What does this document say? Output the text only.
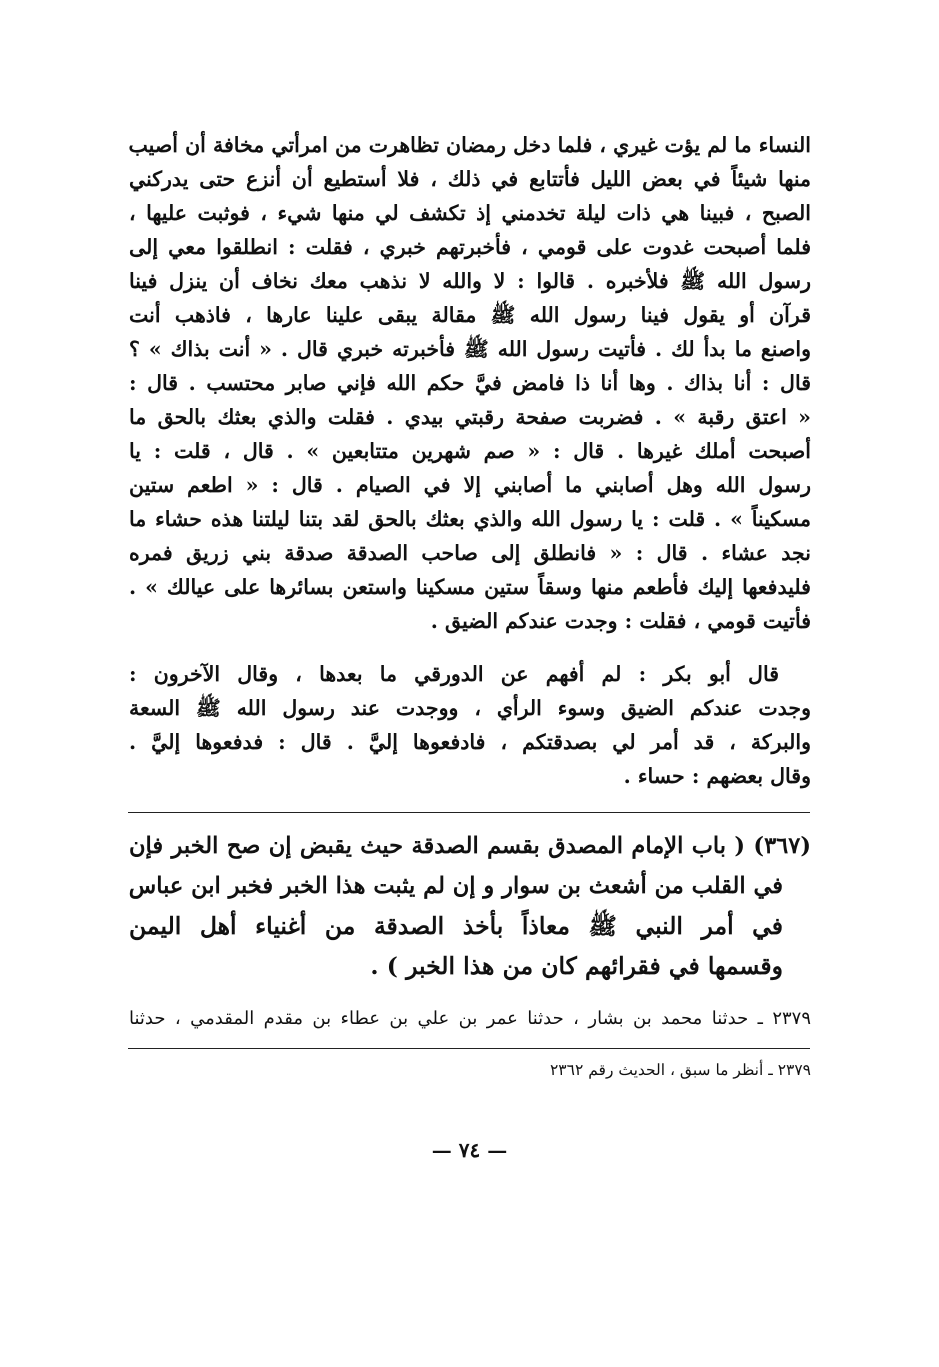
النساء ما لم يؤت غيري ، فلما دخل رمضان تظاهرت من امرأتي مخافة أن أصيب
منها شيئاً في بعض الليل فأتتابع في ذلك ، فلا أستطيع أن أنزع حتى يدركني
الصبح ، فبينا هي ذات ليلة تخدمني إذ تكشف لي منها شيء ، فوثبت عليها ،
فلما أصبحت غدوت على قومي ، فأخبرتهم خبري ، فقلت : انطلقوا معي إلى
رسول الله ﷺ فلأخبره . قالوا : لا والله لا نذهب معك نخاف أن ينزل فينا
قرآن أو يقول فينا رسول الله ﷺ مقالة يبقى علينا عارها ، فاذهب أنت
واصنع ما بدأ لك . فأتيت رسول الله ﷺ فأخبرته خبري قال . « أنت بذاك » ؟
قال : أنا بذاك . وها أنا ذا فامض فيَّ حكم الله فإني صابر محتسب . قال :
« اعتق رقبة » . فضربت صفحة رقبتي بيدي . فقلت والذي بعثك بالحق ما
أصبحت أملك غيرها . قال : « صم شهرين متتابعين » . قال ، قلت : يا
رسول الله وهل أصابني ما أصابني إلا في الصيام . قال : « اطعم ستين
مسكيناً » . قلت : يا رسول الله والذي بعثك بالحق لقد بتنا ليلتنا هذه حشاء ما
نجد عشاء . قال : « فانطلق إلى صاحب الصدقة صدقة بني زريق فمره
فليدفعها إليك فأطعم منها وسقاً ستين مسكينا واستعن بسائرها على عيالك » .
فأتيت قومي ، فقلت : وجدت عندكم الضيق .
قال أبو بكر : لم أفهم عن الدورقي ما بعدها ، وقال الآخرون :
وجدت عندكم الضيق وسوء الرأي ، ووجدت عند رسول الله ﷺ السعة
والبركة ، قد أمر لي بصدقتكم ، فادفعوها إليَّ . قال : فدفعوها إليَّ .
وقال بعضهم : حساء .
(٣٦٧) ( باب الإمام المصدق بقسم الصدقة حيث يقبض إن صح الخبر فإن
في القلب من أشعث بن سوار و إن لم يثبت هذا الخبر فخبر ابن عباس
في أمر النبي ﷺ معاذاً بأخذ الصدقة من أغنياء أهل اليمن
وقسمها في فقرائهم كان من هذا الخبر ) .
٢٣٧٩ ـ حدثنا محمد بن بشار ، حدثنا عمر بن علي بن عطاء بن مقدم المقدمي ، حدثنا
٢٣٧٩ ـ أنظر ما سبق ، الحديث رقم ٢٣٦٢
— ٧٤ —
